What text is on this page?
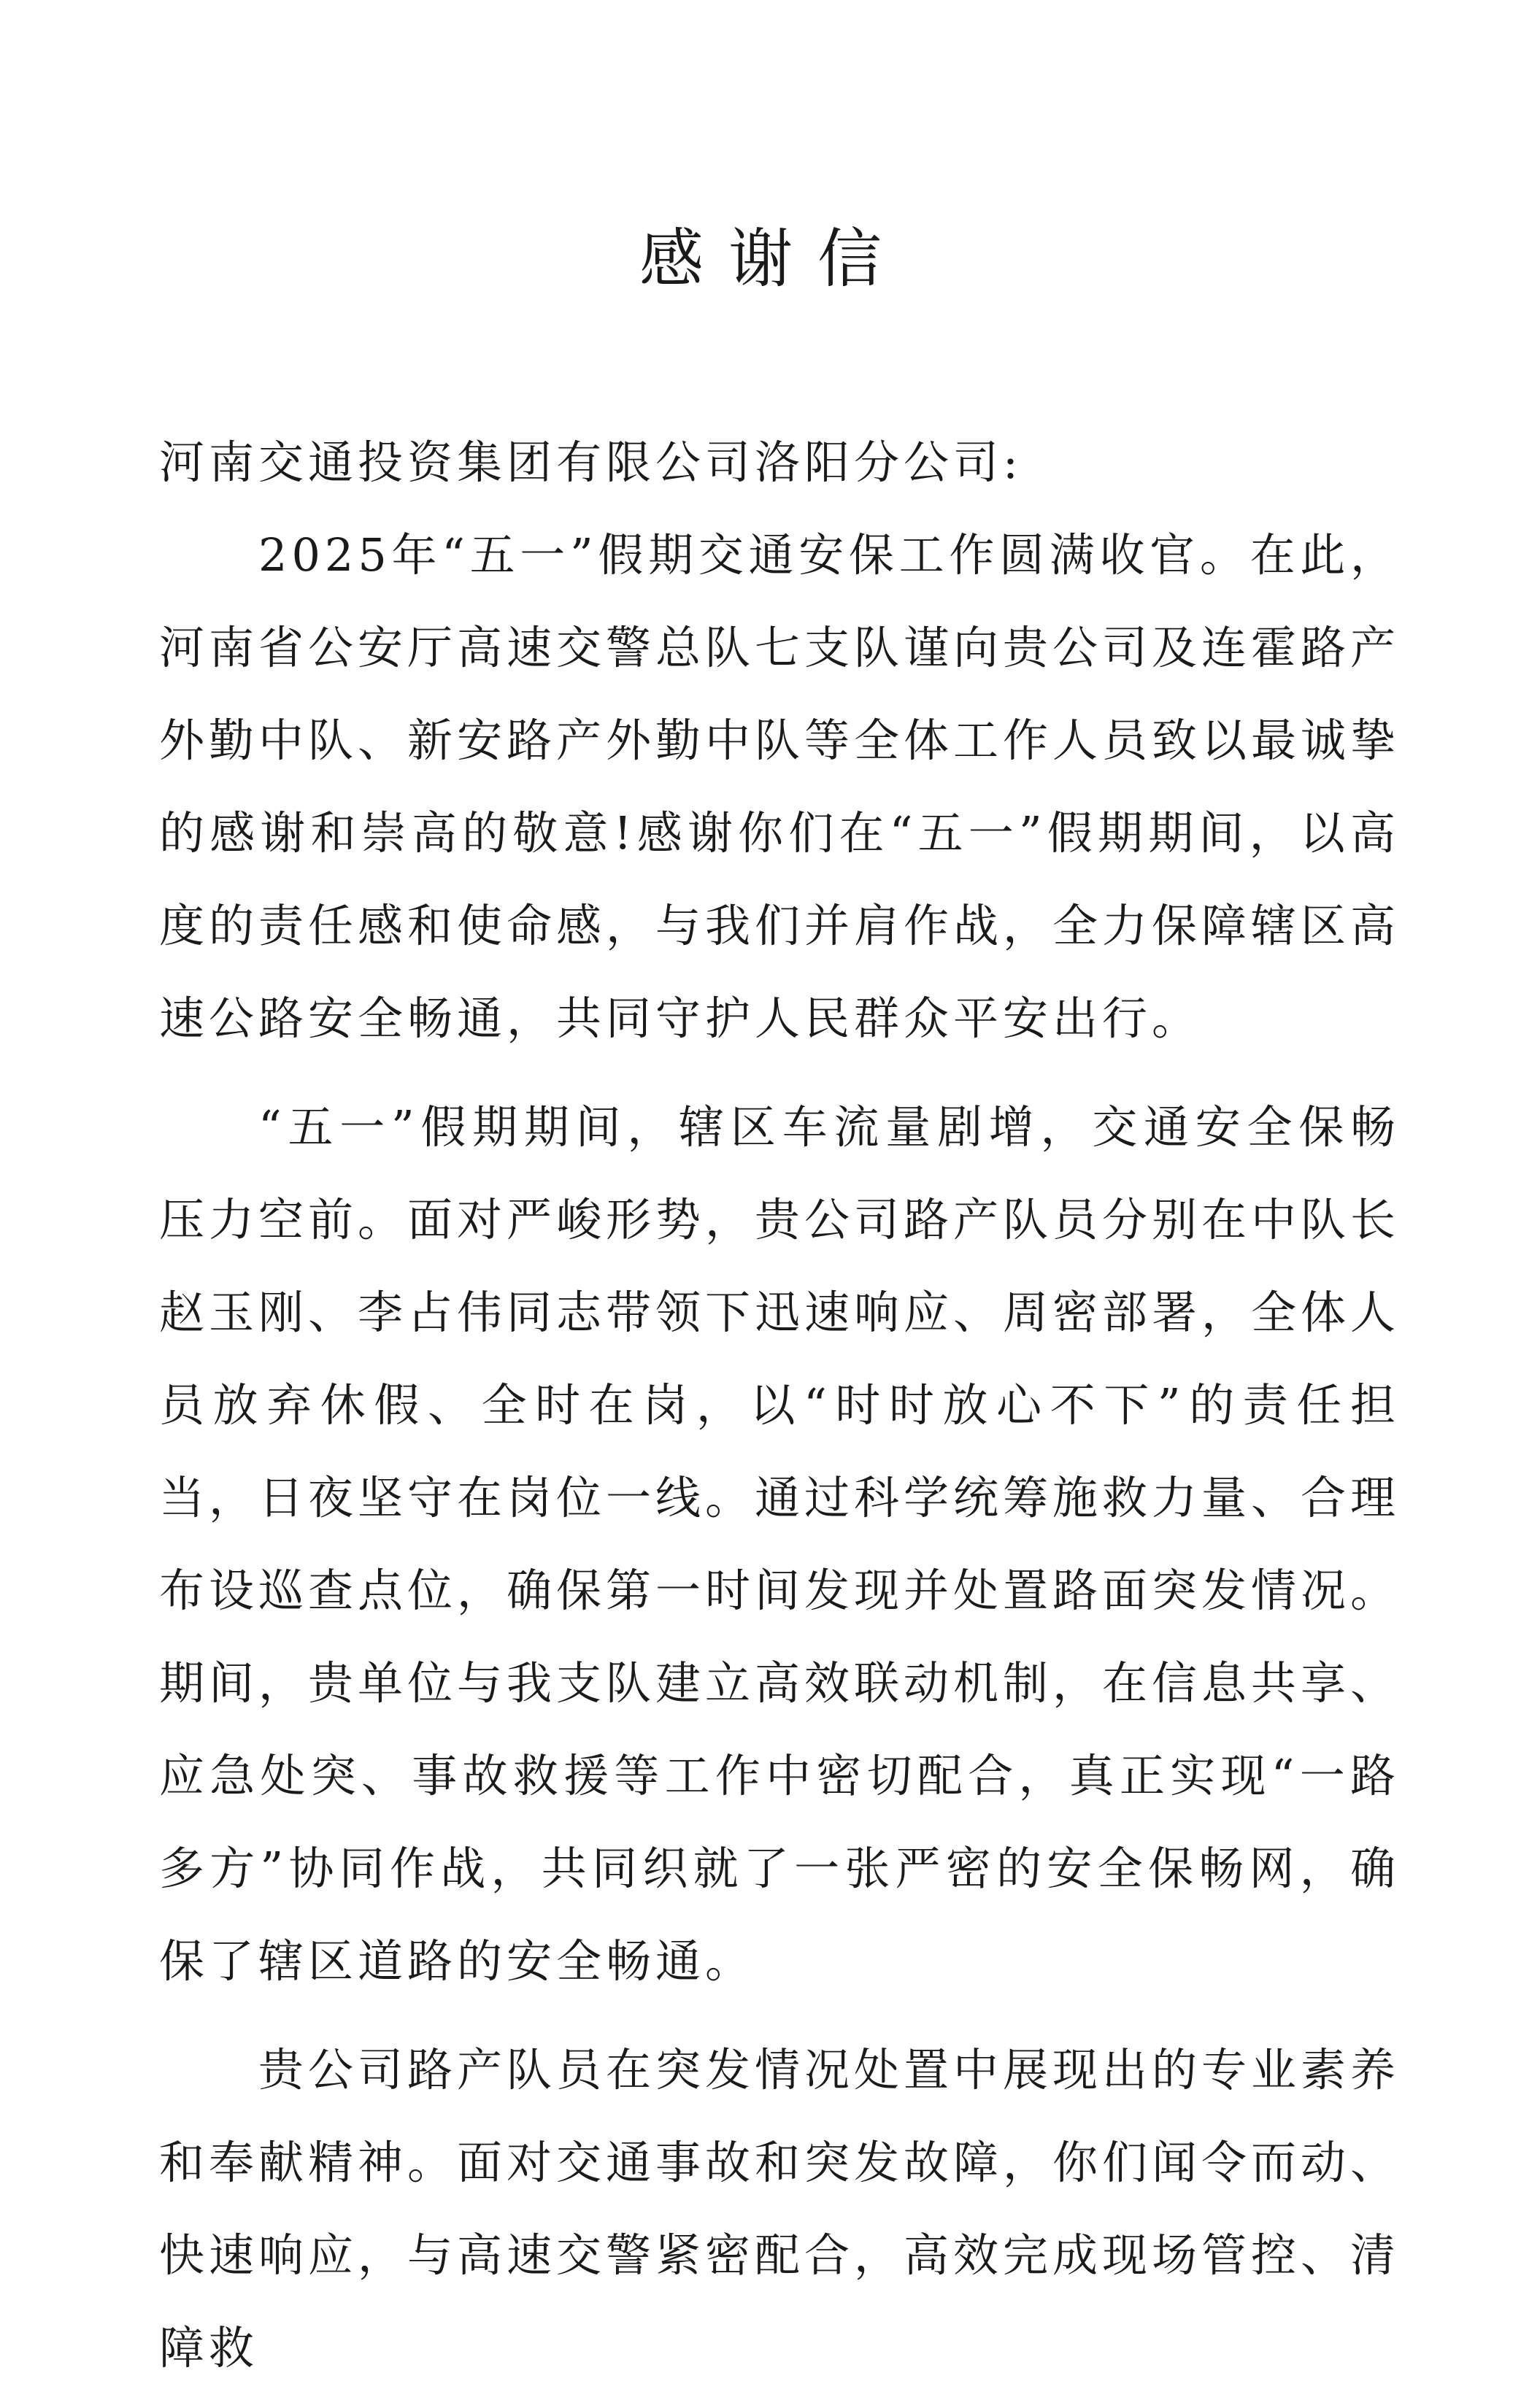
感谢信

河南交通投资集团有限公司洛阳分公司:

2025年“五一”假期交通安保工作圆满收官。在此，河南省公安厅高速交警总队七支队谨向贵公司及连霍路产外勤中队、新安路产外勤中队等全体工作人员致以最诚挚的感谢和崇高的敬意!感谢你们在“五一”假期期间，以高度的责任感和使命感，与我们并肩作战，全力保障辖区高速公路安全畅通，共同守护人民群众平安出行。

“五一”假期期间，辖区车流量剧增，交通安全保畅压力空前。面对严峻形势，贵公司路产队员分别在中队长赵玉刚、李占伟同志带领下迅速响应、周密部署，全体人员放弃休假、全时在岗，以“时时放心不下”的责任担当，日夜坚守在岗位一线。通过科学统筹施救力量、合理布设巡查点位，确保第一时间发现并处置路面突发情况。期间，贵单位与我支队建立高效联动机制，在信息共享、应急处突、事故救援等工作中密切配合，真正实现“一路多方”协同作战，共同织就了一张严密的安全保畅网，确保了辖区道路的安全畅通。

贵公司路产队员在突发情况处置中展现出的专业素养和奉献精神。面对交通事故和突发故障，你们闻令而动、快速响应，与高速交警紧密配合，高效完成现场管控、清障救
